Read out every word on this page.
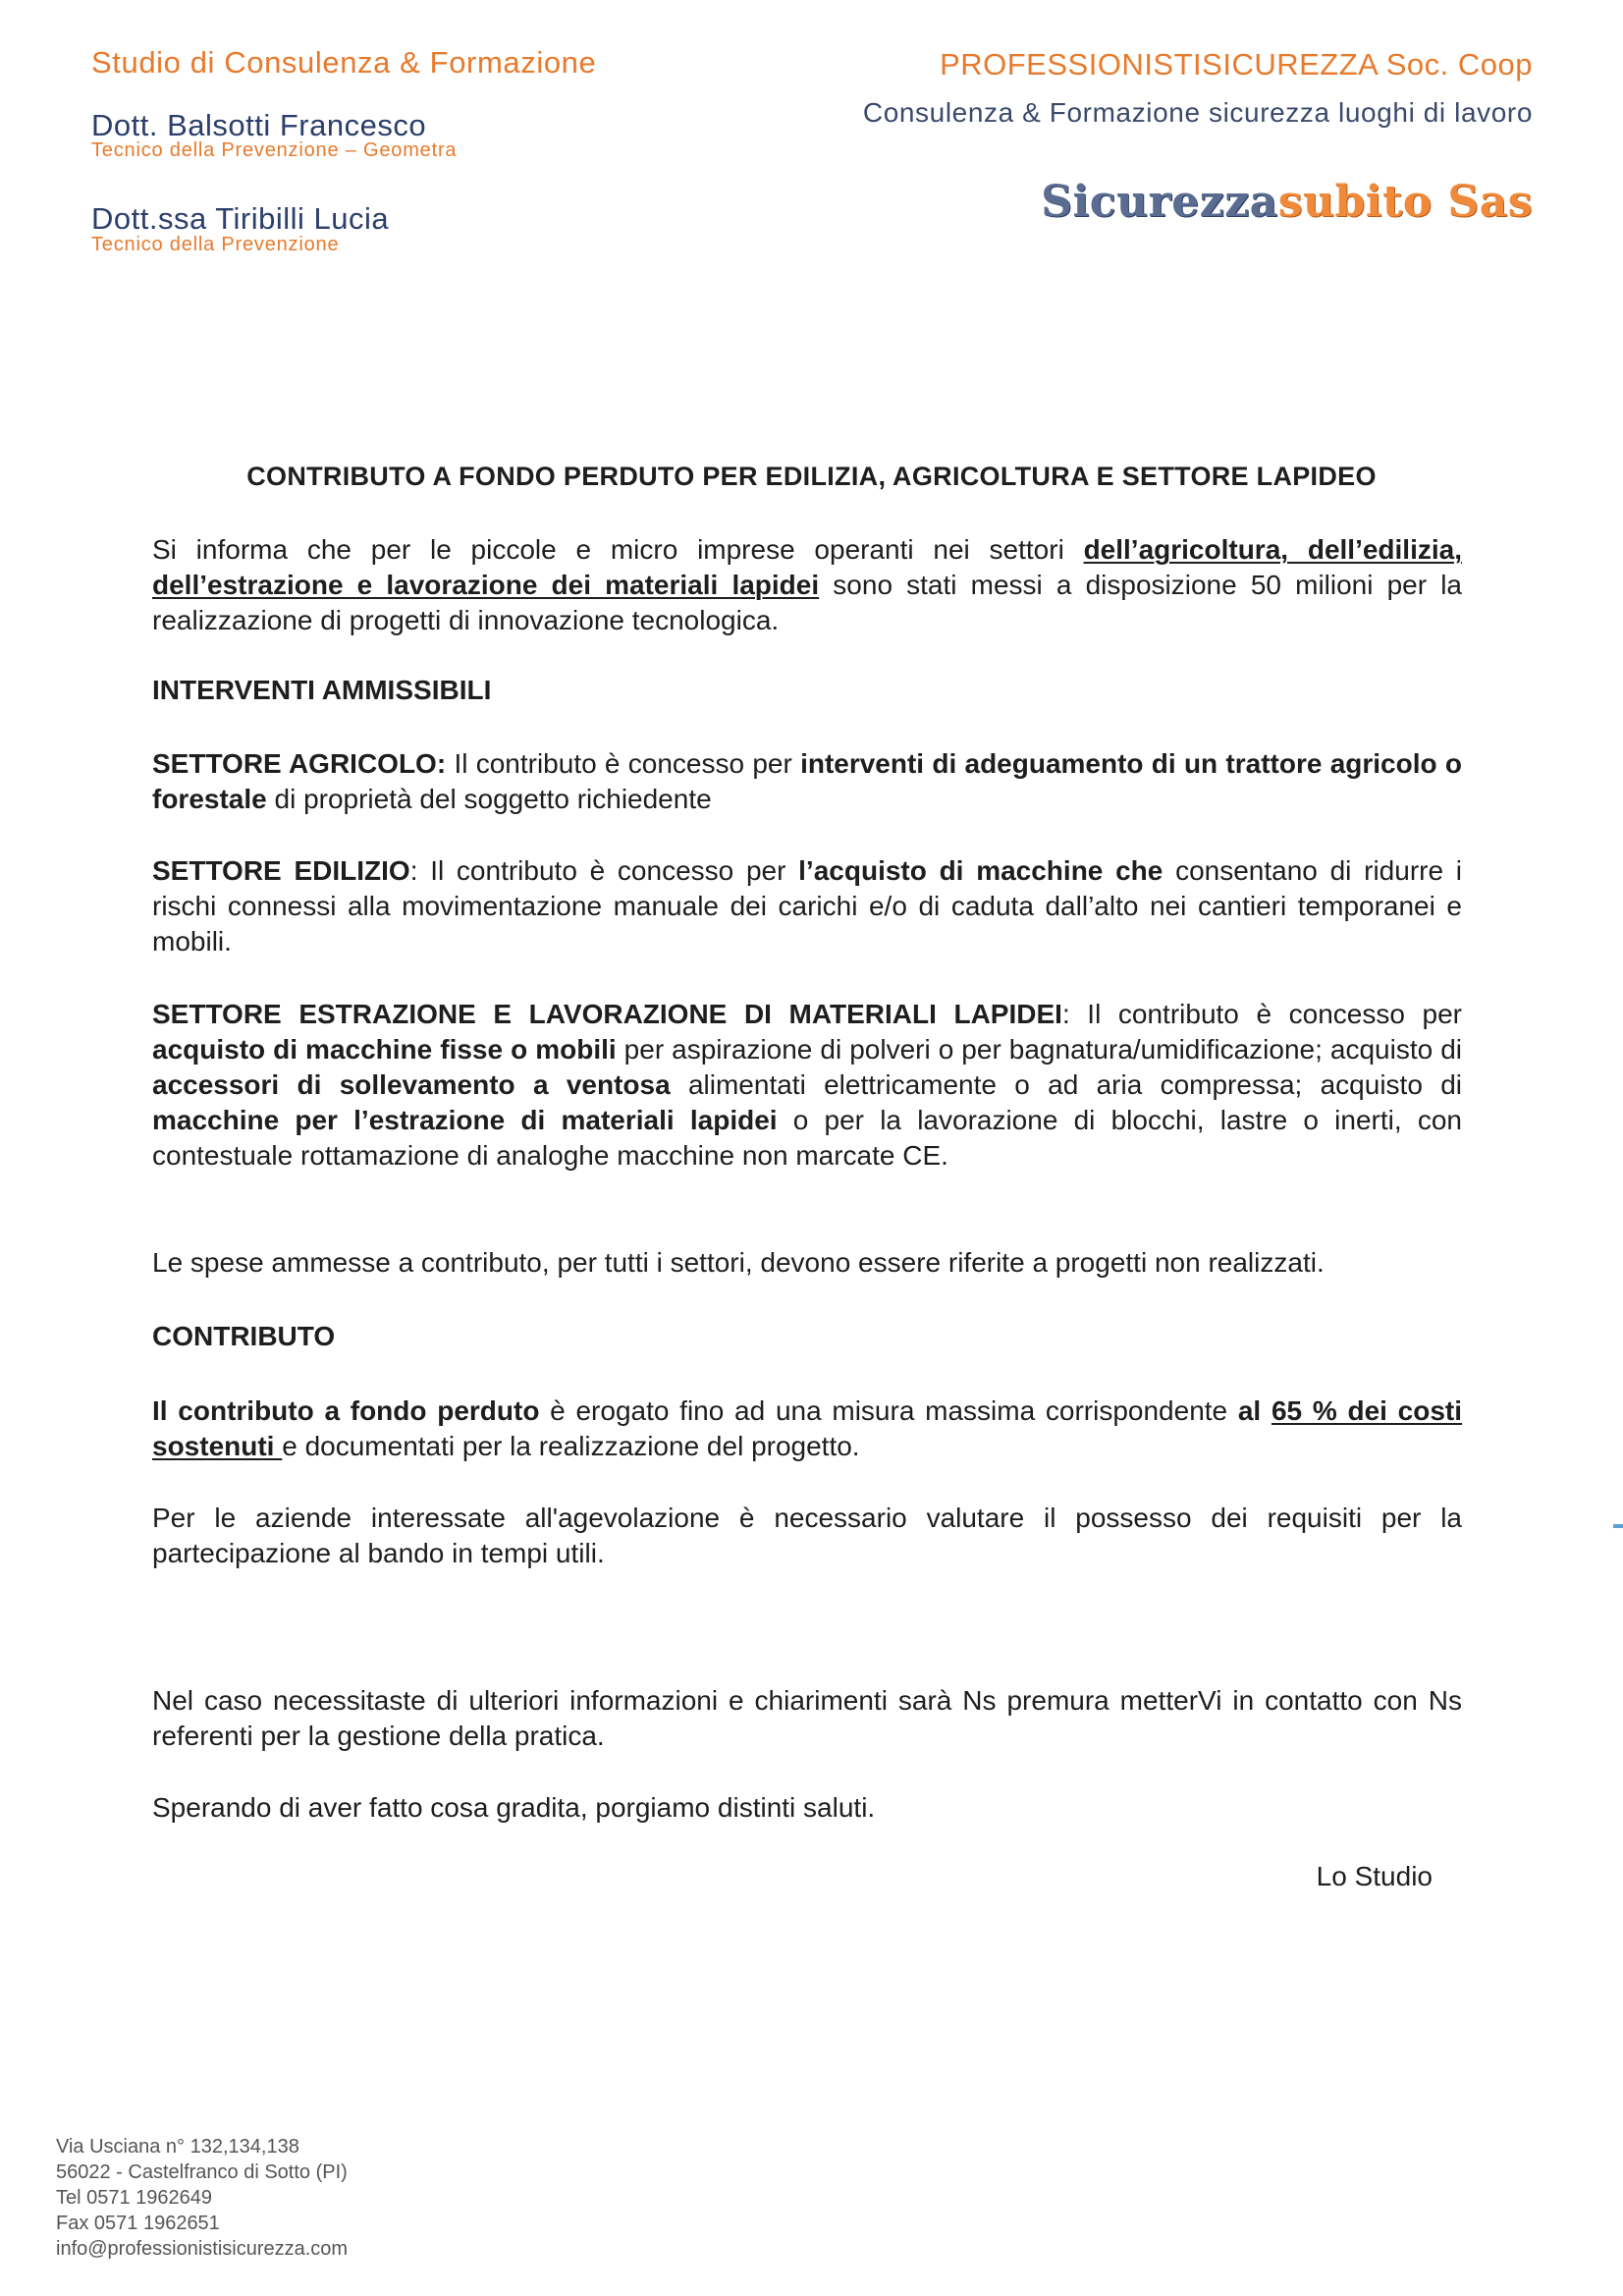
Studio di Consulenza & Formazione
Dott. Balsotti Francesco
Tecnico della Prevenzione – Geometra
Dott.ssa Tiribilli Lucia
Tecnico della Prevenzione
PROFESSIONISTISICUREZZA Soc. Coop
Consulenza & Formazione sicurezza luoghi di lavoro
Sicurezzasubito Sas
CONTRIBUTO A FONDO PERDUTO PER EDILIZIA, AGRICOLTURA E SETTORE LAPIDEO
Si informa che per le piccole e micro imprese operanti nei settori dell’agricoltura, dell’edilizia, dell’estrazione e lavorazione dei materiali lapidei sono stati messi a disposizione 50 milioni per la realizzazione di progetti di innovazione tecnologica.
INTERVENTI AMMISSIBILI
SETTORE AGRICOLO: Il contributo è concesso per interventi di adeguamento di un trattore agricolo o forestale di proprietà del soggetto richiedente
SETTORE EDILIZIO: Il contributo è concesso per l’acquisto di macchine che consentano di ridurre i rischi connessi alla movimentazione manuale dei carichi e/o di caduta dall’alto nei cantieri temporanei e mobili.
SETTORE ESTRAZIONE E LAVORAZIONE DI MATERIALI LAPIDEI: Il contributo è concesso per acquisto di macchine fisse o mobili per aspirazione di polveri o per bagnatura/umidificazione; acquisto di accessori di sollevamento a ventosa alimentati elettricamente o ad aria compressa; acquisto di macchine per l’estrazione di materiali lapidei o per la lavorazione di blocchi, lastre o inerti, con contestuale rottamazione di analoghe macchine non marcate CE.
Le spese ammesse a contributo, per tutti i settori, devono essere riferite a progetti non realizzati.
CONTRIBUTO
Il contributo a fondo perduto è erogato fino ad una misura massima corrispondente al 65 % dei costi sostenuti e documentati per la realizzazione del progetto.
Per le aziende interessate all'agevolazione è necessario valutare il possesso dei requisiti per la partecipazione al bando in tempi utili.
Nel caso necessitaste di ulteriori informazioni e chiarimenti sarà Ns premura metterVi in contatto con Ns referenti per la gestione della pratica.
Sperando di aver fatto cosa gradita, porgiamo distinti saluti.
Lo Studio
Via Usciana n° 132,134,138
56022 - Castelfranco di Sotto (PI)
Tel 0571 1962649
Fax 0571 1962651
info@professionistisicurezza.com
